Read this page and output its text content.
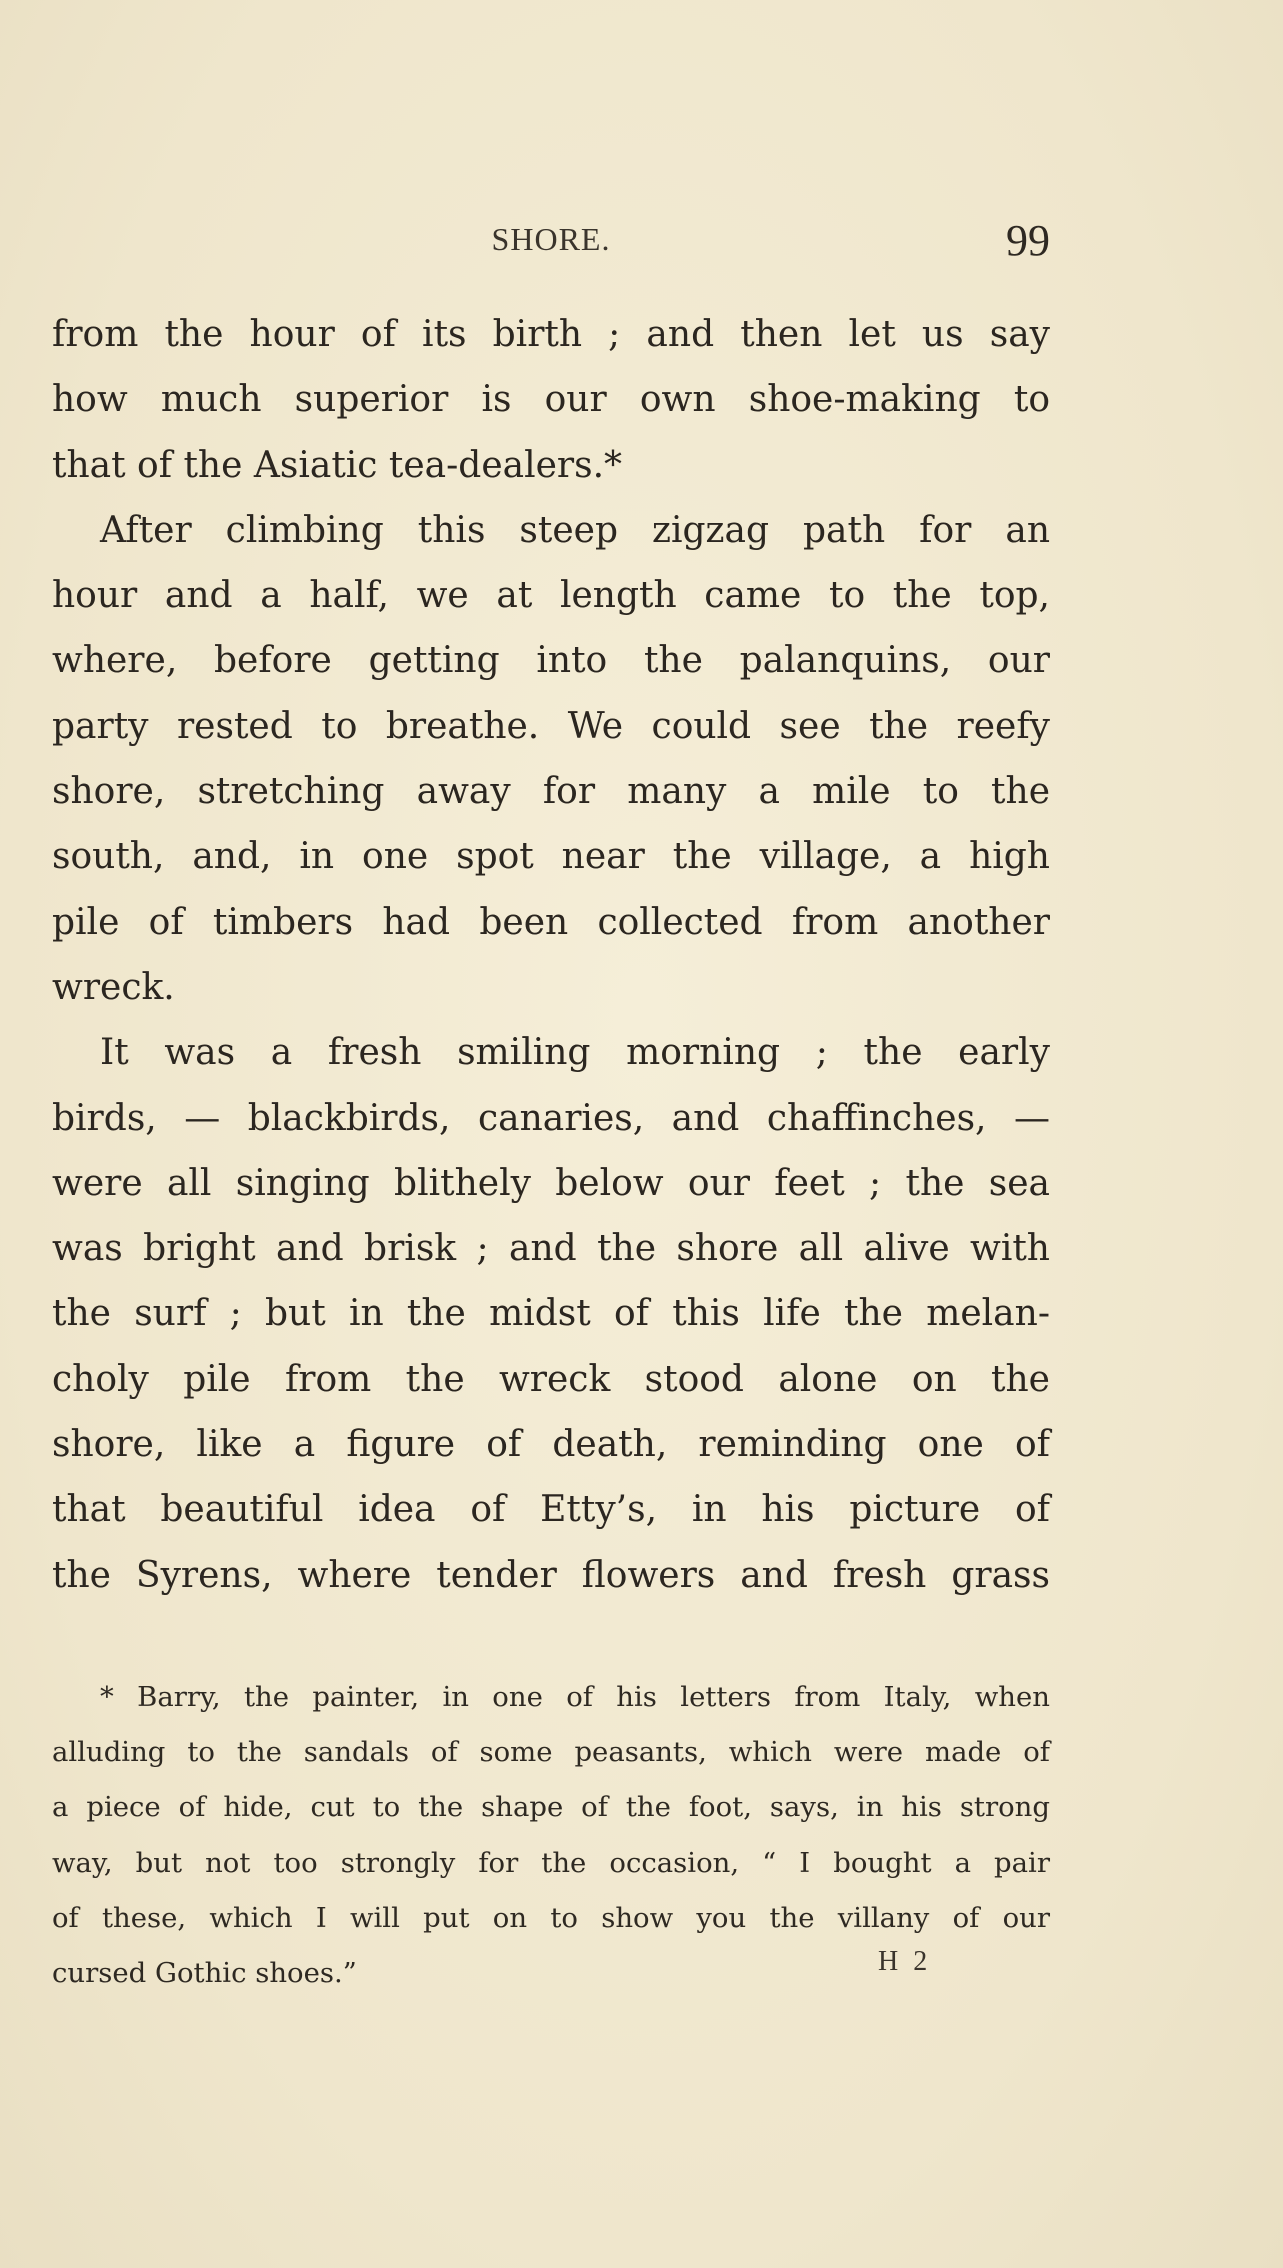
SHORE.	99

from the hour of its birth ; and then let us say
how much superior is our own shoe-making to
that of the Asiatic tea-dealers.*

After climbing this steep zigzag path for an
hour and a half, we at length came to the top,
where, before getting into the palanquins, our
party rested to breathe. We could see the reefy
shore, stretching away for many a mile to the
south, and, in one spot near the village, a high
pile of timbers had been collected from another
wreck.

It was a fresh smiling morning ; the early
birds, — blackbirds, canaries, and chaffinches, —
were all singing blithely below our feet ; the sea
was bright and brisk ; and the shore all alive with
the surf ; but in the midst of this life the melan-
choly pile from the wreck stood alone on the
shore, like a figure of death, reminding one of
that beautiful idea of Etty’s, in his picture of
the Syrens, where tender flowers and fresh grass

* Barry, the painter, in one of his letters from Italy, when
alluding to the sandals of some peasants, which were made of
a piece of hide, cut to the shape of the foot, says, in his strong
way, but not too strongly for the occasion, “ I bought a pair
of these, which I will put on to show you the villany of our
cursed Gothic shoes.”	H 2
